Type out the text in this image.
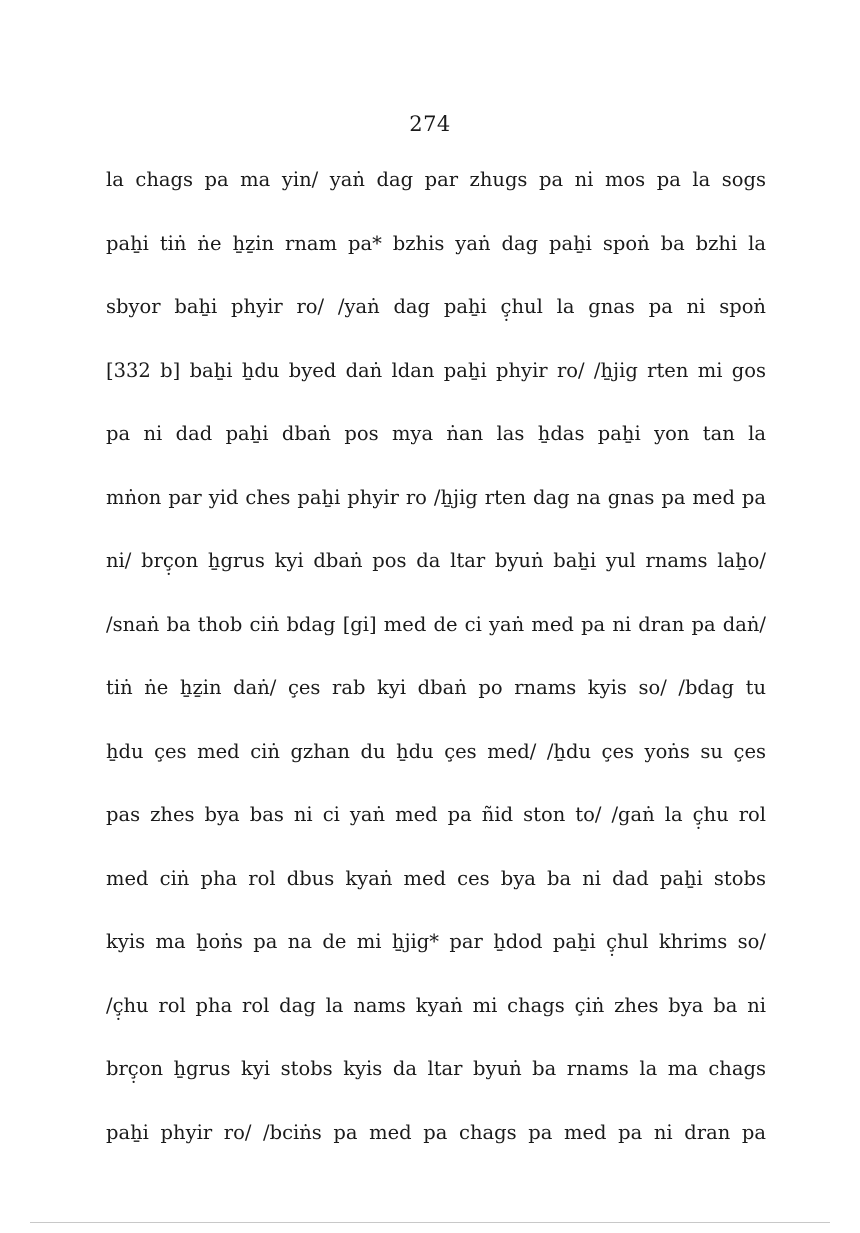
274
la chags pa ma yin/ yaṅ dag par zhugs pa ni mos pa la sogs
paẖi tiṅ ṅe ẖẕin rnam pa* bzhis yaṅ dag paẖi spoṅ ba bzhi la
sbyor baẖi phyir ro/ /yaṅ dag paẖi ç̣hul la gnas pa ni spoṅ
[332 b] baẖi ẖdu byed daṅ ldan paẖi phyir ro/ /ẖjig rten mi gos
pa ni dad paẖi dbaṅ pos mya ṅan las ẖdas paẖi yon tan la
mṅon par yid ches paẖi phyir ro /ẖjig rten dag na gnas pa med pa
ni/ brç̣on ẖgrus kyi dbaṅ pos da ltar byuṅ baẖi yul rnams laẖo/
/snaṅ ba thob ciṅ bdag [gi] med de ci yaṅ med pa ni dran pa daṅ/
tiṅ ṅe ẖẕin daṅ/ çes rab kyi dbaṅ po rnams kyis so/ /bdag tu
ẖdu çes med ciṅ gzhan du ẖdu çes med/ /ẖdu çes yoṅs su çes
pas zhes bya bas ni ci yaṅ med pa ñid ston to/ /gaṅ la ç̣hu rol
med ciṅ pha rol dbus kyaṅ med ces bya ba ni dad paẖi stobs
kyis ma ẖoṅs pa na de mi ẖjig* par ẖdod paẖi ç̣hul khrims so/
/ç̣hu rol pha rol dag la nams kyaṅ mi chags çiṅ zhes bya ba ni
brç̣on ẖgrus kyi stobs kyis da ltar byuṅ ba rnams la ma chags
paẖi phyir ro/ /bciṅs pa med pa chags pa med pa ni dran pa
